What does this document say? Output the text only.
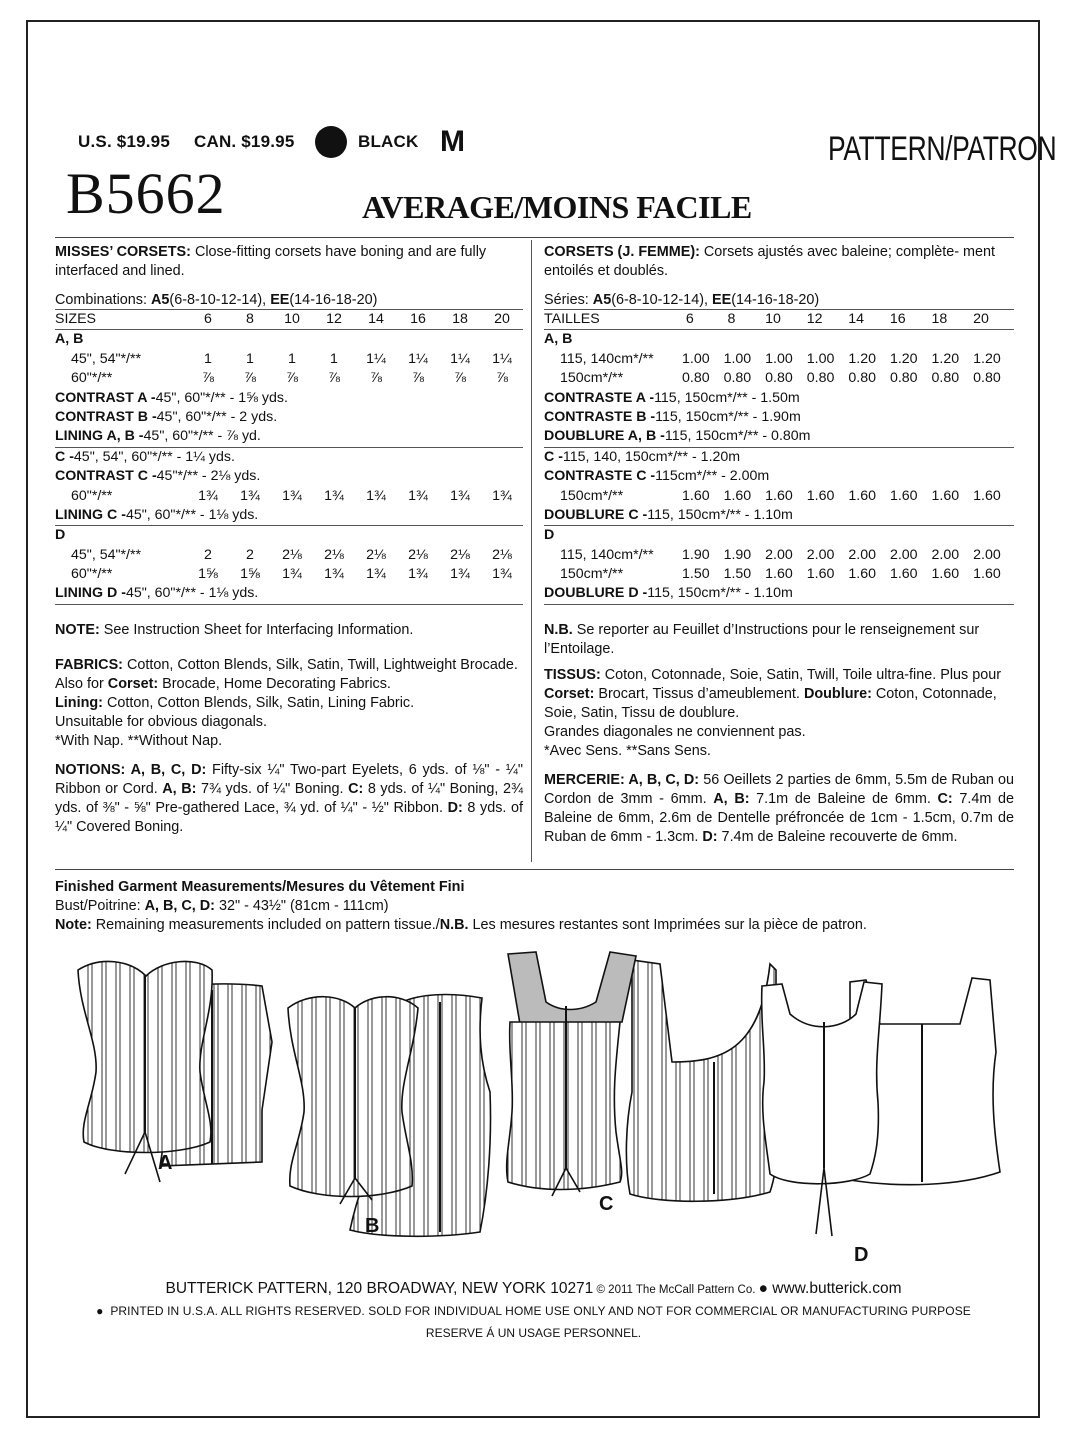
U.S. $19.95 CAN. $19.95	BLACK M	PATTERN/PATRON
B5662	AVERAGE/MOINS FACILE

MISSES’ CORSETS: Close-fitting corsets have boning and are fully interfaced and lined.

Combinations: A5(6-8-10-12-14), EE(14-16-18-20)

SIZES	6	8	10	12	14	16	18	20
A, B
45", 54"*/**	1	1	1	1	1¼	1¼	1¼	1¼
60"*/**	⅞	⅞	⅞	⅞	⅞	⅞	⅞	⅞
CONTRAST A - 45", 60"*/** - 1⅝ yds.
CONTRAST B - 45", 60"*/** - 2 yds.
LINING A, B - 45", 60"*/** - ⅞ yd.
C - 45", 54", 60"*/** - 1¼ yds.
CONTRAST C - 45"*/** - 2⅛ yds.
60"*/**	1¾	1¾	1¾	1¾	1¾	1¾	1¾	1¾
LINING C - 45", 60"*/** - 1⅛ yds.
D
45", 54"*/**	2	2	2⅛	2⅛	2⅛	2⅛	2⅛	2⅛
60"*/**	1⅝	1⅝	1¾	1¾	1¾	1¾	1¾	1¾
LINING D - 45", 60"*/** - 1⅛ yds.

NOTE: See Instruction Sheet for Interfacing Information.

FABRICS: Cotton, Cotton Blends, Silk, Satin, Twill, Lightweight Brocade. Also for Corset: Brocade, Home Decorating Fabrics.
Lining: Cotton, Cotton Blends, Silk, Satin, Lining Fabric.
Unsuitable for obvious diagonals.
*With Nap. **Without Nap.

NOTIONS: A, B, C, D: Fifty-six ¼" Two-part Eyelets, 6 yds. of ⅛" - ¼" Ribbon or Cord. A, B: 7¾ yds. of ¼" Boning. C: 8 yds. of ¼" Boning, 2¾ yds. of ⅜" - ⅝" Pre-gathered Lace, ¾ yd. of ¼" - ½" Ribbon. D: 8 yds. of ¼" Covered Boning.

CORSETS (J. FEMME): Corsets ajustés avec baleine; complète- ment entoilés et doublés.

Séries: A5(6-8-10-12-14), EE(14-16-18-20)

TAILLES	6	8	10	12	14	16	18	20
A, B
115, 140cm*/**	1.00 1.00 1.00 1.00 1.20 1.20 1.20 1.20
150cm*/**	0.80 0.80 0.80 0.80 0.80 0.80 0.80 0.80
CONTRASTE A - 115, 150cm*/** - 1.50m
CONTRASTE B - 115, 150cm*/** - 1.90m
DOUBLURE A, B - 115, 150cm*/** - 0.80m
C - 115, 140, 150cm*/** - 1.20m
CONTRASTE C - 115cm*/** - 2.00m
150cm*/**	1.60 1.60 1.60 1.60 1.60 1.60 1.60 1.60
DOUBLURE C - 115, 150cm*/** - 1.10m
D
115, 140cm*/**	1.90 1.90 2.00 2.00 2.00 2.00 2.00 2.00
150cm*/**	1.50 1.50 1.60 1.60 1.60 1.60 1.60 1.60
DOUBLURE D - 115, 150cm*/** - 1.10m

N.B. Se reporter au Feuillet d’Instructions pour le renseignement sur l’Entoilage.

TISSUS: Coton, Cotonnade, Soie, Satin, Twill, Toile ultra-fine. Plus pour Corset: Brocart, Tissus d’ameublement. Doublure: Coton, Cotonnade, Soie, Satin, Tissu de doublure.
Grandes diagonales ne conviennent pas.
*Avec Sens. **Sans Sens.

MERCERIE: A, B, C, D: 56 Oeillets 2 parties de 6mm, 5.5m de Ruban ou Cordon de 3mm - 6mm. A, B: 7.1m de Baleine de 6mm. C: 7.4m de Baleine de 6mm, 2.6m de Dentelle préfroncée de 1cm - 1.5cm, 0.7m de Ruban de 6mm - 1.3cm. D: 7.4m de Baleine recouverte de 6mm.

Finished Garment Measurements/Mesures du Vêtement Fini
Bust/Poitrine: A, B, C, D: 32" - 43½" (81cm - 111cm)
Note: Remaining measurements included on pattern tissue./N.B. Les mesures restantes sont Imprimées sur la pièce de patron.
A
B
C
D
BUTTERICK PATTERN, 120 BROADWAY, NEW YORK 10271 © 2011 The McCall Pattern Co. ● www.butterick.com
●  PRINTED IN U.S.A. ALL RIGHTS RESERVED. SOLD FOR INDIVIDUAL HOME USE ONLY AND NOT FOR COMMERCIAL OR MANUFACTURING PURPOSE
RESERVE Á UN USAGE PERSONNEL.
